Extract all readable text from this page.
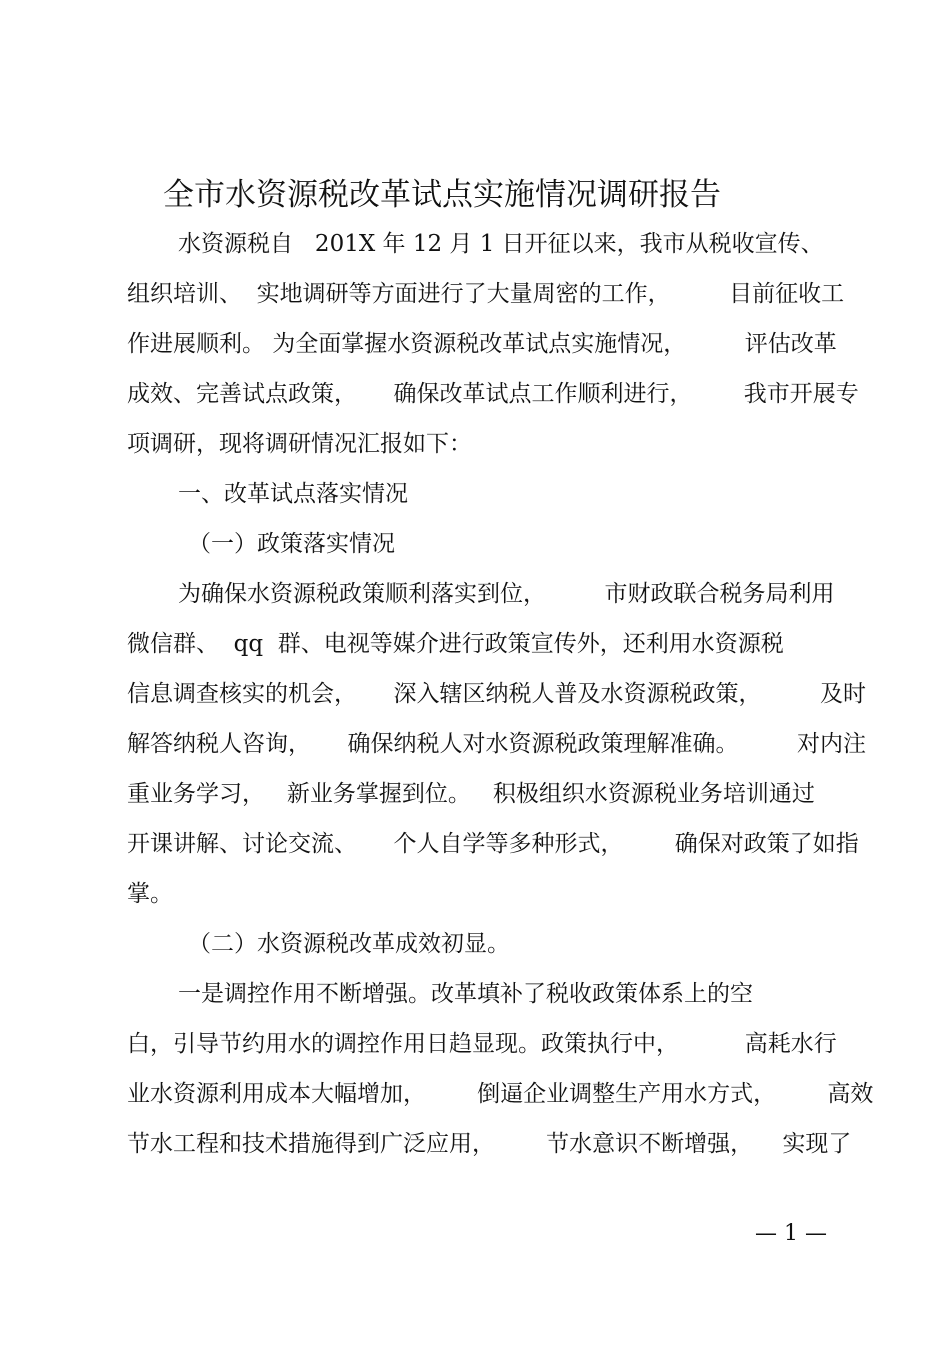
全市水资源税改革试点实施情况调研报告
水资源税自   201X 年 12 月 1 日开征以来，我市从税收宣传、
组织培训、  实地调研等方面进行了大量周密的工作，        目前征收工
作进展顺利。 为全面掌握水资源税改革试点实施情况，        评估改革
成效、完善试点政策，     确保改革试点工作顺利进行，       我市开展专
项调研，现将调研情况汇报如下：
一、改革试点落实情况
（一）政策落实情况
为确保水资源税政策顺利落实到位，        市财政联合税务局利用
微信群、  qq  群、电视等媒介进行政策宣传外，还利用水资源税
信息调查核实的机会，     深入辖区纳税人普及水资源税政策，        及时
解答纳税人咨询，     确保纳税人对水资源税政策理解准确。        对内注
重业务学习，   新业务掌握到位。   积极组织水资源税业务培训通过
开课讲解、讨论交流、     个人自学等多种形式，       确保对政策了如指
掌。
（二）水资源税改革成效初显。
一是调控作用不断增强。改革填补了税收政策体系上的空
白，引导节约用水的调控作用日趋显现。政策执行中，         高耗水行
业水资源利用成本大幅增加，       倒逼企业调整生产用水方式，       高效
节水工程和技术措施得到广泛应用，       节水意识不断增强，    实现了
— 1 —
